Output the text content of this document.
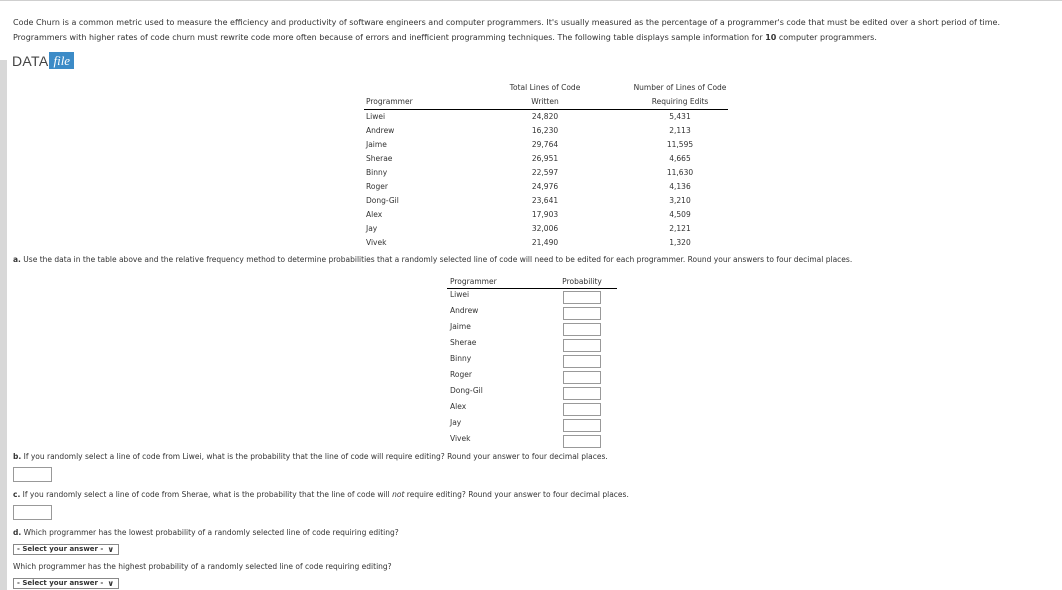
Code Churn is a common metric used to measure the efficiency and productivity of software engineers and computer programmers. It's usually measured as the percentage of a programmer's code that must be edited over a short period of time.
Programmers with higher rates of code churn must rewrite code more often because of errors and inefficient programming techniques. The following table displays sample information for 10 computer programmers.
DATA file
	Total Lines of Code	Number of Lines of Code
Programmer	Written	Requiring Edits
Liwei	24,820	5,431
Andrew	16,230	2,113
Jaime	29,764	11,595
Sherae	26,951	4,665
Binny	22,597	11,630
Roger	24,976	4,136
Dong-Gil	23,641	3,210
Alex	17,903	4,509
Jay	32,006	2,121
Vivek	21,490	1,320
a. Use the data in the table above and the relative frequency method to determine probabilities that a randomly selected line of code will need to be edited for each programmer. Round your answers to four decimal places.
Programmer	Probability
Liwei	

Andrew	

Jaime	

Sherae	

Binny	

Roger	

Dong-Gil	

Alex	

Jay	

Vivek	
b. If you randomly select a line of code from Liwei, what is the probability that the line of code will require editing? Round your answer to four decimal places.
c. If you randomly select a line of code from Sherae, what is the probability that the line of code will not require editing? Round your answer to four decimal places.
d. Which programmer has the lowest probability of a randomly selected line of code requiring editing?
- Select your answer - ∨
Which programmer has the highest probability of a randomly selected line of code requiring editing?
- Select your answer - ∨
